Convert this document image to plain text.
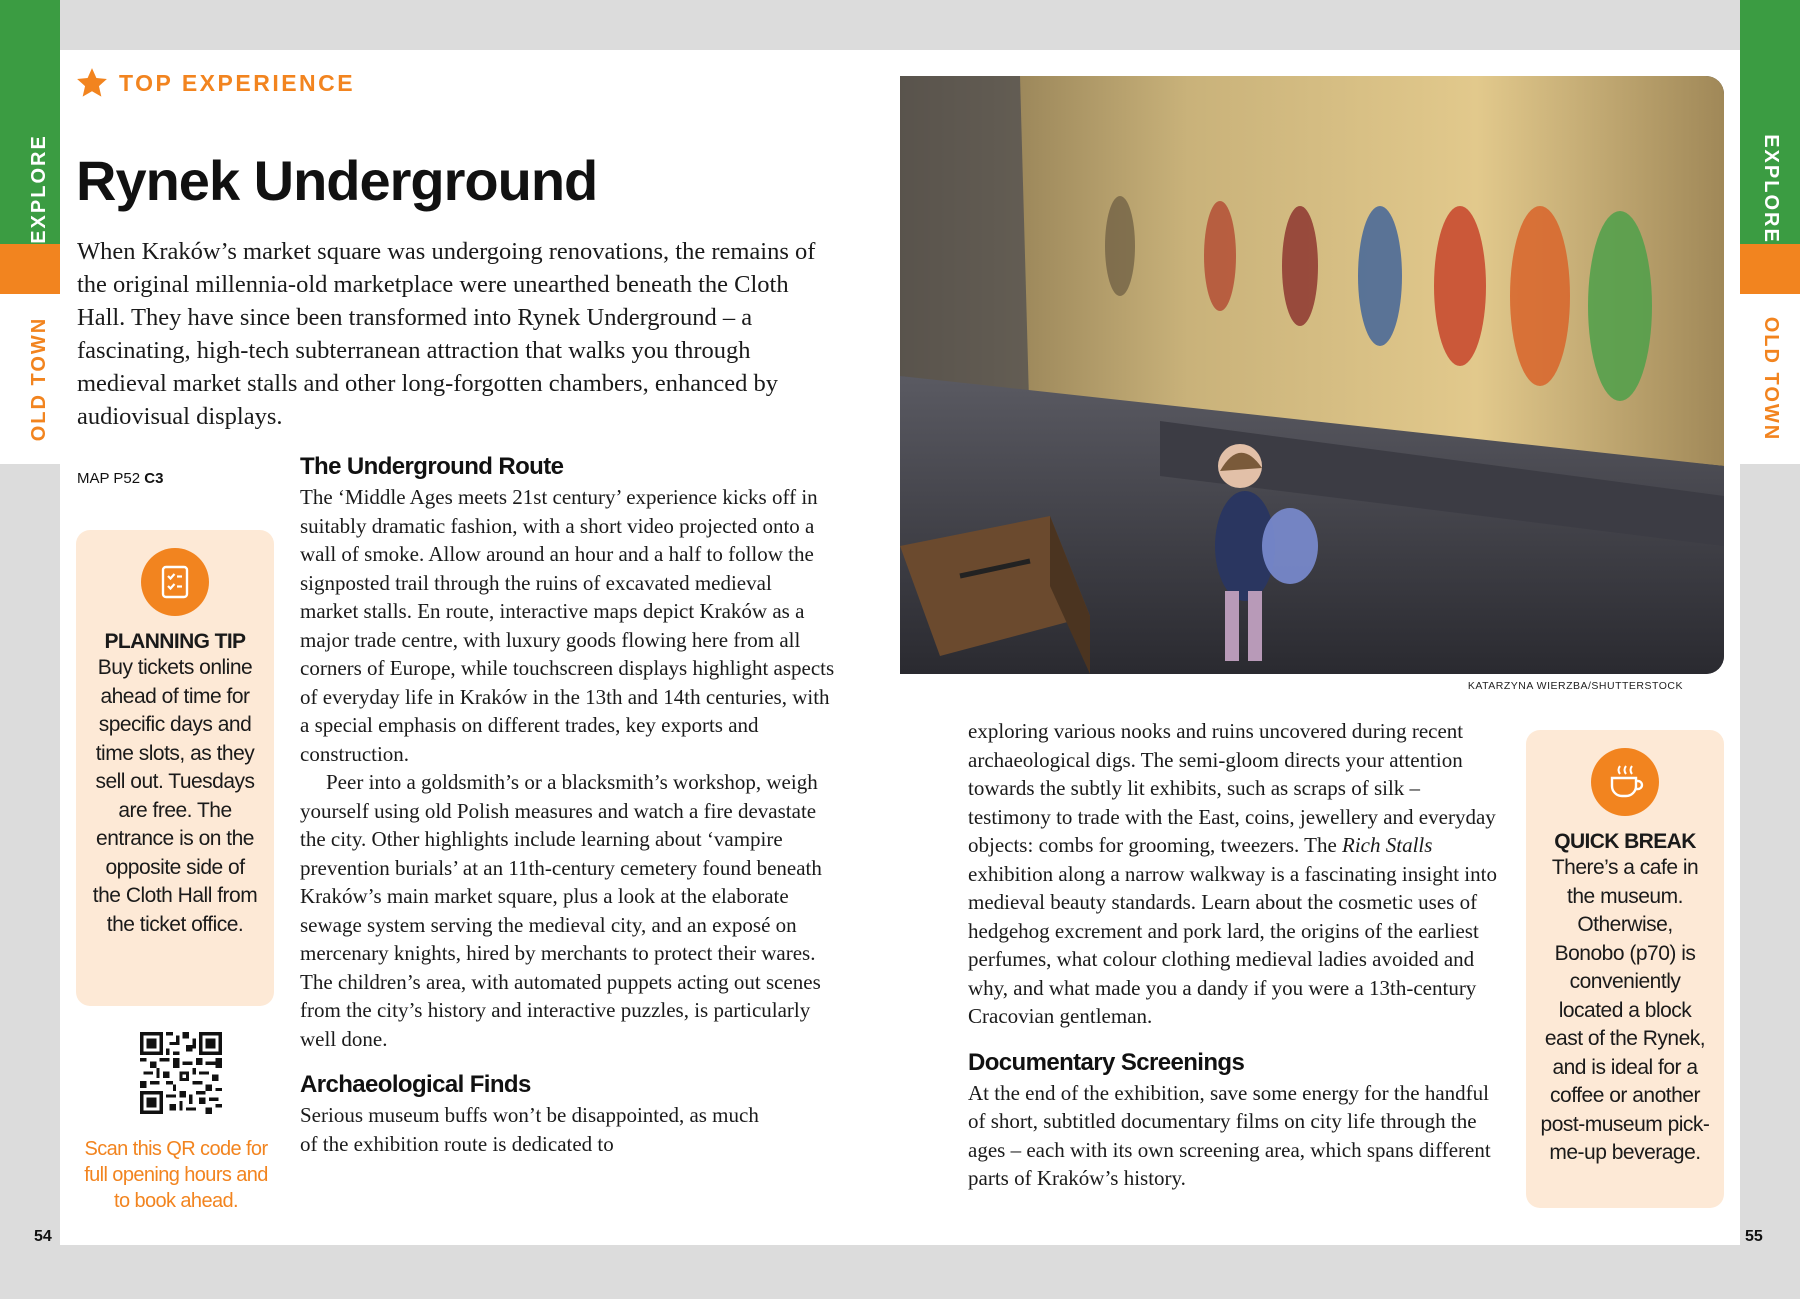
EXPLORE
OLD TOWN
EXPLORE
OLD TOWN
54	55
TOP EXPERIENCE
Rynek Underground

When Kraków’s market square was undergoing renovations, the remains of the original millennia-old marketplace were unearthed beneath the Cloth Hall. They have since been transformed into Rynek Underground – a fascinating, high-tech subterranean attraction that walks you through medieval market stalls and other long-forgotten chambers, enhanced by audiovisual displays.

MAP P52 C3
PLANNING TIP
Buy tickets online ahead of time for specific days and time slots, as they sell out. Tuesdays are free. The entrance is on the opposite side of the Cloth Hall from the ticket office.
Scan this QR code for full opening hours and to book ahead.
The Underground Route

The ‘Middle Ages meets 21st century’ experience kicks off in suitably dramatic fashion, with a short video projected onto a wall of smoke. Allow around an hour and a half to follow the signposted trail through the ruins of excavated medieval market stalls. En route, interactive maps depict Kraków as a major trade centre, with luxury goods flowing here from all corners of Europe, while touchscreen displays highlight aspects of everyday life in Kraków in the 13th and 14th centuries, with a special emphasis on different trades, key exports and construction.

Peer into a goldsmith’s or a blacksmith’s workshop, weigh yourself using old Polish measures and watch a fire devastate the city. Other highlights include learning about ‘vampire prevention burials’ at an 11th-century cemetery found beneath Kraków’s main market square, plus a look at the elaborate sewage system serving the medieval city, and an exposé on mercenary knights, hired by merchants to protect their wares. The children’s area, with automated puppets acting out scenes from the city’s history and interactive puzzles, is particularly well done.

Archaeological Finds

Serious museum buffs won’t be disappointed, as much of the exhibition route is dedicated to

KATARZYNA WIERZBA/SHUTTERSTOCK

exploring various nooks and ruins uncovered during recent archaeological digs. The semi-gloom directs your attention towards the subtly lit exhibits, such as scraps of silk – testimony to trade with the East, coins, jewellery and everyday objects: combs for grooming, tweezers. The Rich Stalls exhibition along a narrow walkway is a fascinating insight into medieval beauty standards. Learn about the cosmetic uses of hedgehog excrement and pork lard, the origins of the earliest perfumes, what colour clothing medieval ladies avoided and why, and what made you a dandy if you were a 13th-century Cracovian gentleman.

Documentary Screenings

At the end of the exhibition, save some energy for the handful of short, subtitled documentary films on city life through the ages – each with its own screening area, which spans different parts of Kraków’s history.

QUICK BREAK
There’s a cafe in the museum. Otherwise, Bonobo (p70) is conveniently located a block east of the Rynek, and is ideal for a coffee or another post-museum pick-me-up beverage.
